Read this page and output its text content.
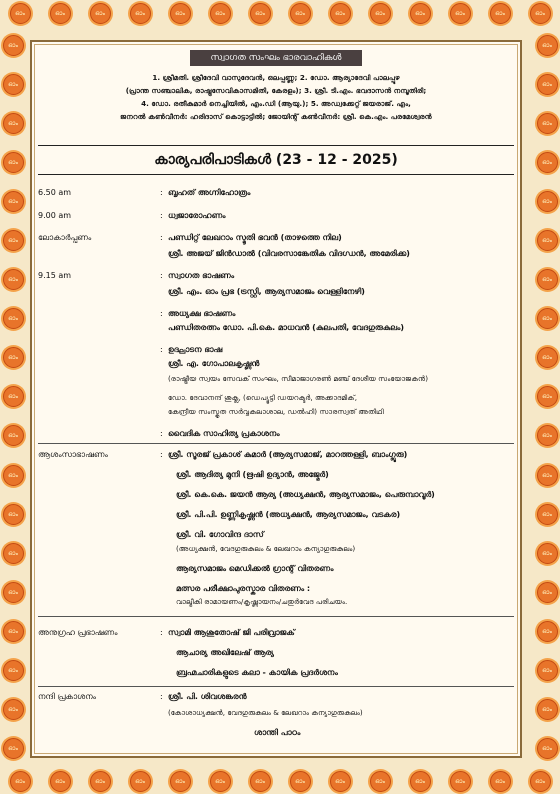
ഓം	ഓം	ഓം	ഓം	ഓം	ഓം	ഓം	ഓം	ഓം	ഓം	ഓം	ഓം	ഓം	ഓം
ഓം	ഓം	ഓം	ഓം	ഓം	ഓം	ഓം	ഓം	ഓം	ഓം	ഓം	ഓം	ഓം	ഓം
ഓം
ഓം
ഓം
ഓം
ഓം
ഓം
ഓം
ഓം
ഓം
ഓം
ഓം
ഓം
ഓം
ഓം
ഓം
ഓം
ഓം
ഓം
ഓം
ഓം
ഓം
ഓം
ഓം
ഓം
ഓം
ഓം
ഓം
ഓം
ഓം
ഓം
ഓം
ഓം
ഓം
ഓം
ഓം
ഓം
ഓം
ഓം
സ്വാഗത സംഘം ഭാരവാഹികൾ
1. ശ്രീമതി. ശ്രീദേവി വാസുദേവൻ, ഒലപ്പണ്ണ; 2. ഡോ. ആര്യാദേവി പാലപ്പുഴ
(പ്രാന്ത സഞ്ചാലിക, രാഷ്ട്രസേവികാസമിതി, കേരളം); 3. ശ്രീ. ടി.എം. ഭവദാസൻ നമ്പൂതിരി;
4. ഡോ. രതീകുമാർ നെച്ചിയിൽ, എം.ഡി (ആയു.); 5. അഡ്വക്കേറ്റ് ജയരാജ്. എം,
ജനറൽ കൺവീനർ: ഹരിദാസ് കൊട്ടാട്ടിൽ; ജോയിന്റ് കൺവീനർ: ശ്രീ. കെ.എം. പരമേശ്വരൻ
കാര്യപരിപാടികൾ (23 - 12 - 2025)
6.50 am	: ബൃഹത് അഗ്നിഹോത്രം
9.00 am	: ധ്വജാരോഹണം
ലോകാർപ്പണം	: പണ്ഡിറ്റ് ലേഖറാം സ്മൃതി ഭവൻ (താഴത്തെ നില)
ശ്രീ. അജയ് ജിൻഡാൽ (വിവരസാങ്കേതിക വിദഗ്ധൻ, അമേരിക്ക)
9.15 am	: സ്വാഗത ഭാഷണം
ശ്രീ. എം. ഓം പ്രഭ (ട്രസ്റ്റി, ആര്യസമാജം വെള്ളിനേഴി)
: അധ്യക്ഷ ഭാഷണം
പണ്ഡിതരത്നം ഡോ. പി.കെ. മാധവൻ (കുലപതി, വേദഗുരുകുലം)
: ഉദ്ഘാടന ഭാഷ
ശ്രീ. എ. ഗോപാലകൃഷ്ണൻ
(രാഷ്ട്രീയ സ്വയം സേവക് സംഘം, സീമാജാഗരൺ മഞ്ച് ദേശീയ സംയോജകൻ)
ഡോ. ദേവാനന്ദ് ശുക്ല, (ഡെപ്യൂട്ടി ഡയറക്ടർ, അക്കാദമിക്,
കേന്ദ്രീയ സംസ്കൃത സർവ്വകലാശാല, ഡൽഹി) സാരസ്വത് അതിഥി
: വൈദിക സാഹിത്യ പ്രകാശനം
ആശംസാഭാഷണം	: ശ്രീ. സൂരജ് പ്രകാശ് കുമാർ (ആര്യസമാജ്, മാറത്തള്ളി, ബാംഗ്ലൂരു)
ശ്രീ. ആദിത്യ മുനി (ഋഷി ഉദ്യാൻ, അജ്മേർ)
ശ്രീ. കെ.കെ. ജയൻ ആര്യ (അധ്യക്ഷൻ, ആര്യസമാജം, പെരുമ്പാവൂർ)
ശ്രീ. പി.പി. ഉണ്ണികൃഷ്ണൻ (അധ്യക്ഷൻ, ആര്യസമാജം, വടകര)
ശ്രീ. വി. ഗോവിന്ദ ദാസ്
(അധ്യക്ഷൻ, വേദഗുരുകുലം & ലേഖറാം കന്യാഗുരുകുലം)
ആര്യസമാജം മെഡിക്കൽ ഗ്രാന്റ് വിതരണം
മത്സര പരീക്ഷാപുരസ്കാര വിതരണം :
വാല്മീകി രാമായണം/കൃഷ്ണായനം/ചതുർവേദ പരിചയം.
അനുഗ്രഹ പ്രഭാഷണം	: സ്വാമി ആശുതോഷ് ജി പരിവ്രാജക്
ആചാര്യ അഖിലേഷ് ആര്യ
ബ്രഹ്മചാരികളുടെ കലാ - കായിക പ്രദർശനം
നന്ദി പ്രകാശനം	: ശ്രീ. പി. ശിവശങ്കരൻ
(കോശാധ്യക്ഷൻ, വേദഗുരുകുലം & ലേഖറാം കന്യാഗുരുകുലം)
ശാന്തി പാഠം
